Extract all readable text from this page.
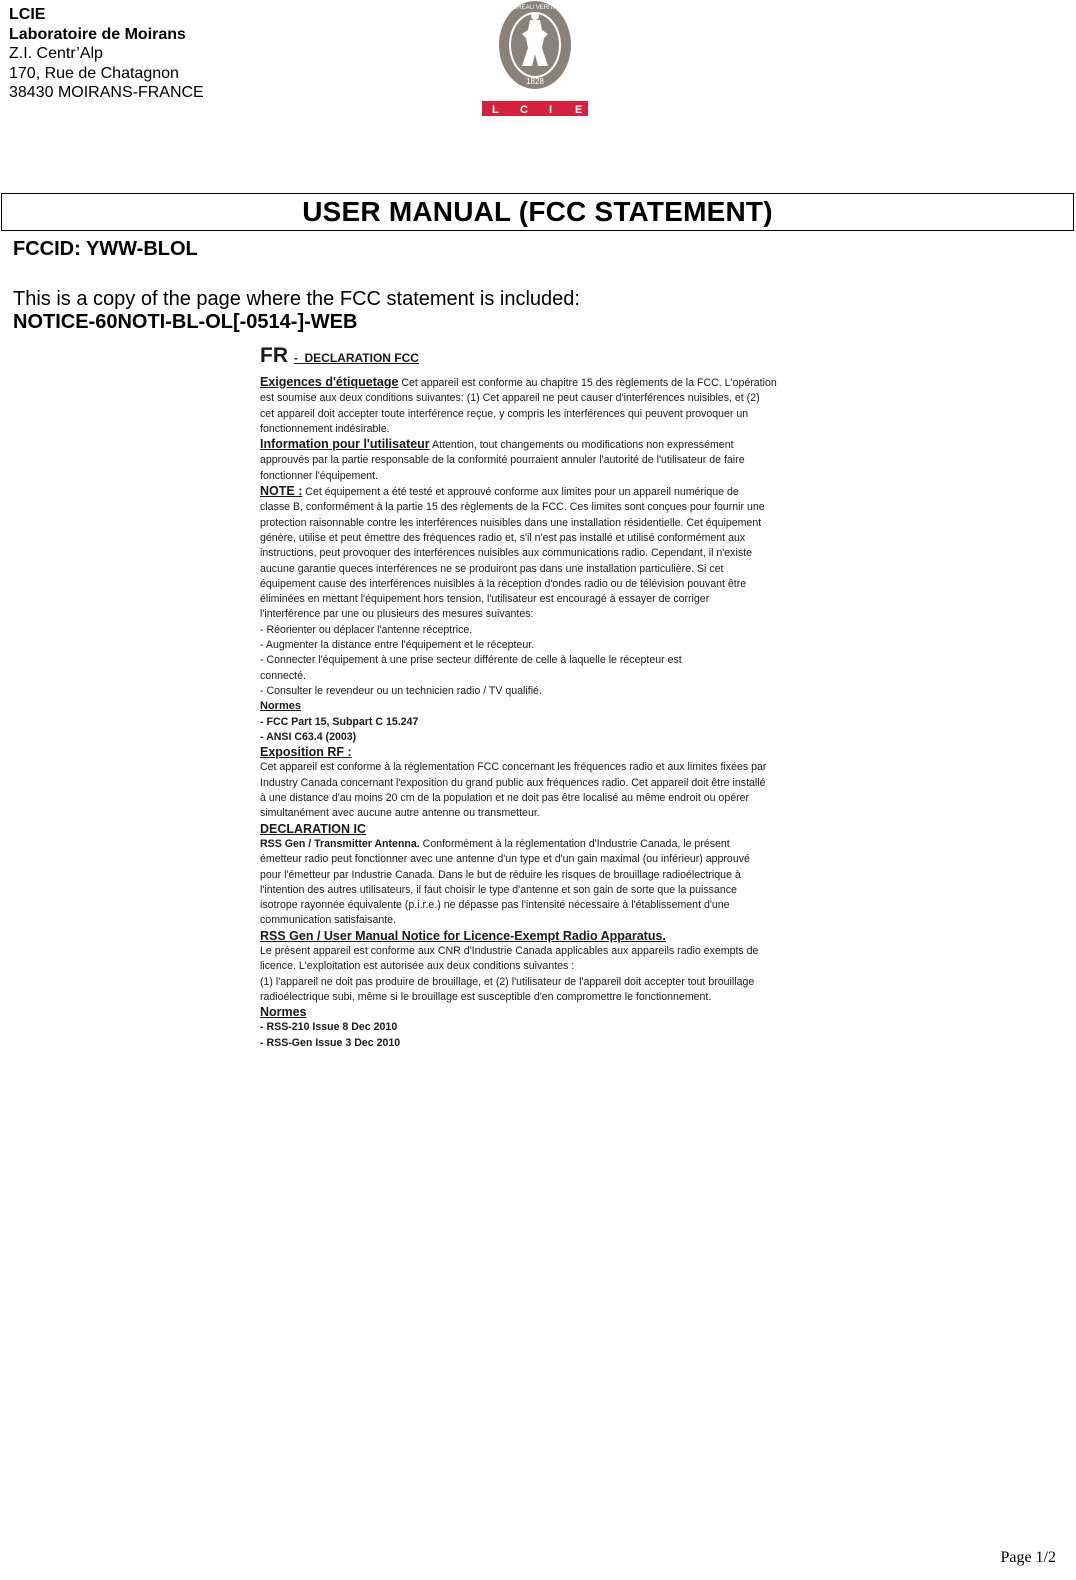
LCIE
Laboratoire de Moirans
Z.I. Centr’Alp
170, Rue de Chatagnon
38430 MOIRANS-FRANCE
1828
BUREAU VERITAS
L C I E
USER MANUAL (FCC STATEMENT)
FCCID: YWW-BLOL
This is a copy of the page where the FCC statement is included:
NOTICE-60NOTI-BL-OL[-0514-]-WEB
FR -_DECLARATION FCC
Exigences d'étiquetage Cet appareil est conforme au chapitre 15 des règlements de la FCC. L'opération
est soumise aux deux conditions suivantes: (1) Cet appareil ne peut causer d'interférences nuisibles, et (2)
cet appareil doit accepter toute interférence reçue, y compris les interférences qui peuvent provoquer un
fonctionnement indésirable.
Information pour l'utilisateur Attention, tout changements ou modifications non expressément
approuvés par la partie responsable de la conformité pourraient annuler l'autorité de l'utilisateur de faire
fonctionner l'équipement.
NOTE : Cet équipement a été testé et approuvé conforme aux limites pour un appareil numérique de
classe B, conformément à la partie 15 des règlements de la FCC. Ces limites sont conçues pour fournir une
protection raisonnable contre les interférences nuisibles dans une installation résidentielle. Cet équipement
génère, utilise et peut émettre des fréquences radio et, s'il n'est pas installé et utilisé conformément aux
instructions, peut provoquer des interférences nuisibles aux communications radio. Cependant, il n'existe
aucune garantie queces interférences ne se produiront pas dans une installation particulière. Si cet
équipement cause des interférences nuisibles à la réception d'ondes radio ou de télévision pouvant être
éliminées en mettant l'équipement hors tension, l'utilisateur est encouragé à essayer de corriger
l'interférence par une ou plusieurs des mesures suivantes:
- Réorienter ou déplacer l'antenne réceptrice.
- Augmenter la distance entre l'équipement et le récepteur.
- Connecter l'équipement à une prise secteur différente de celle à laquelle le récepteur est
connecté.
- Consulter le revendeur ou un technicien radio / TV qualifié.
Normes
- FCC Part 15, Subpart C 15.247
- ANSI C63.4 (2003)
Exposition RF :
Cet appareil est conforme à la réglementation FCC concernant les fréquences radio et aux limites fixées par
Industry Canada concernant l'exposition du grand public aux fréquences radio. Cet appareil doit être installé
à une distance d'au moins 20 cm de la population et ne doit pas être localisé au même endroit ou opérer
simultanément avec aucune autre antenne ou transmetteur.
DECLARATION IC
RSS Gen / Transmitter Antenna. Conformément à la réglementation d'Industrie Canada, le présent
émetteur radio peut fonctionner avec une antenne d'un type et d'un gain maximal (ou inférieur) approuvé
pour l'émetteur par Industrie Canada. Dans le but de réduire les risques de brouillage radioélectrique à
l'intention des autres utilisateurs, il faut choisir le type d'antenne et son gain de sorte que la puissance
isotrope rayonnée équivalente (p.i.r.e.) ne dépasse pas l'intensité nécessaire à l'établissement d'une
communication satisfaisante.
RSS Gen / User Manual Notice for Licence-Exempt Radio Apparatus.
Le présent appareil est conforme aux CNR d'Industrie Canada applicables aux appareils radio exempts de
licence. L'exploitation est autorisée aux deux conditions suivantes :
(1) l'appareil ne doit pas produire de brouillage, et (2) l'utilisateur de l'appareil doit accepter tout brouillage
radioélectrique subi, même si le brouillage est susceptible d'en compromettre le fonctionnement.
Normes
- RSS-210 Issue 8 Dec 2010
- RSS-Gen Issue 3 Dec 2010
Page 1/2
